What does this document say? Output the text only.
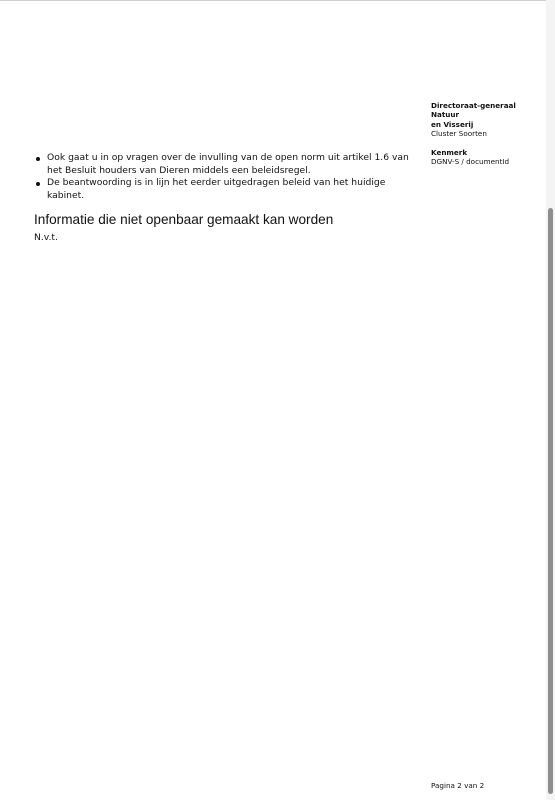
Directoraat-generaal Natuur
en Visserij
Cluster Soorten
Kenmerk
DGNV-S / documentId
Ook gaat u in op vragen over de invulling van de open norm uit artikel 1.6 van het Besluit houders van Dieren middels een beleidsregel.
De beantwoording is in lijn het eerder uitgedragen beleid van het huidige kabinet.
Informatie die niet openbaar gemaakt kan worden

N.v.t.

Pagina 2 van 2
